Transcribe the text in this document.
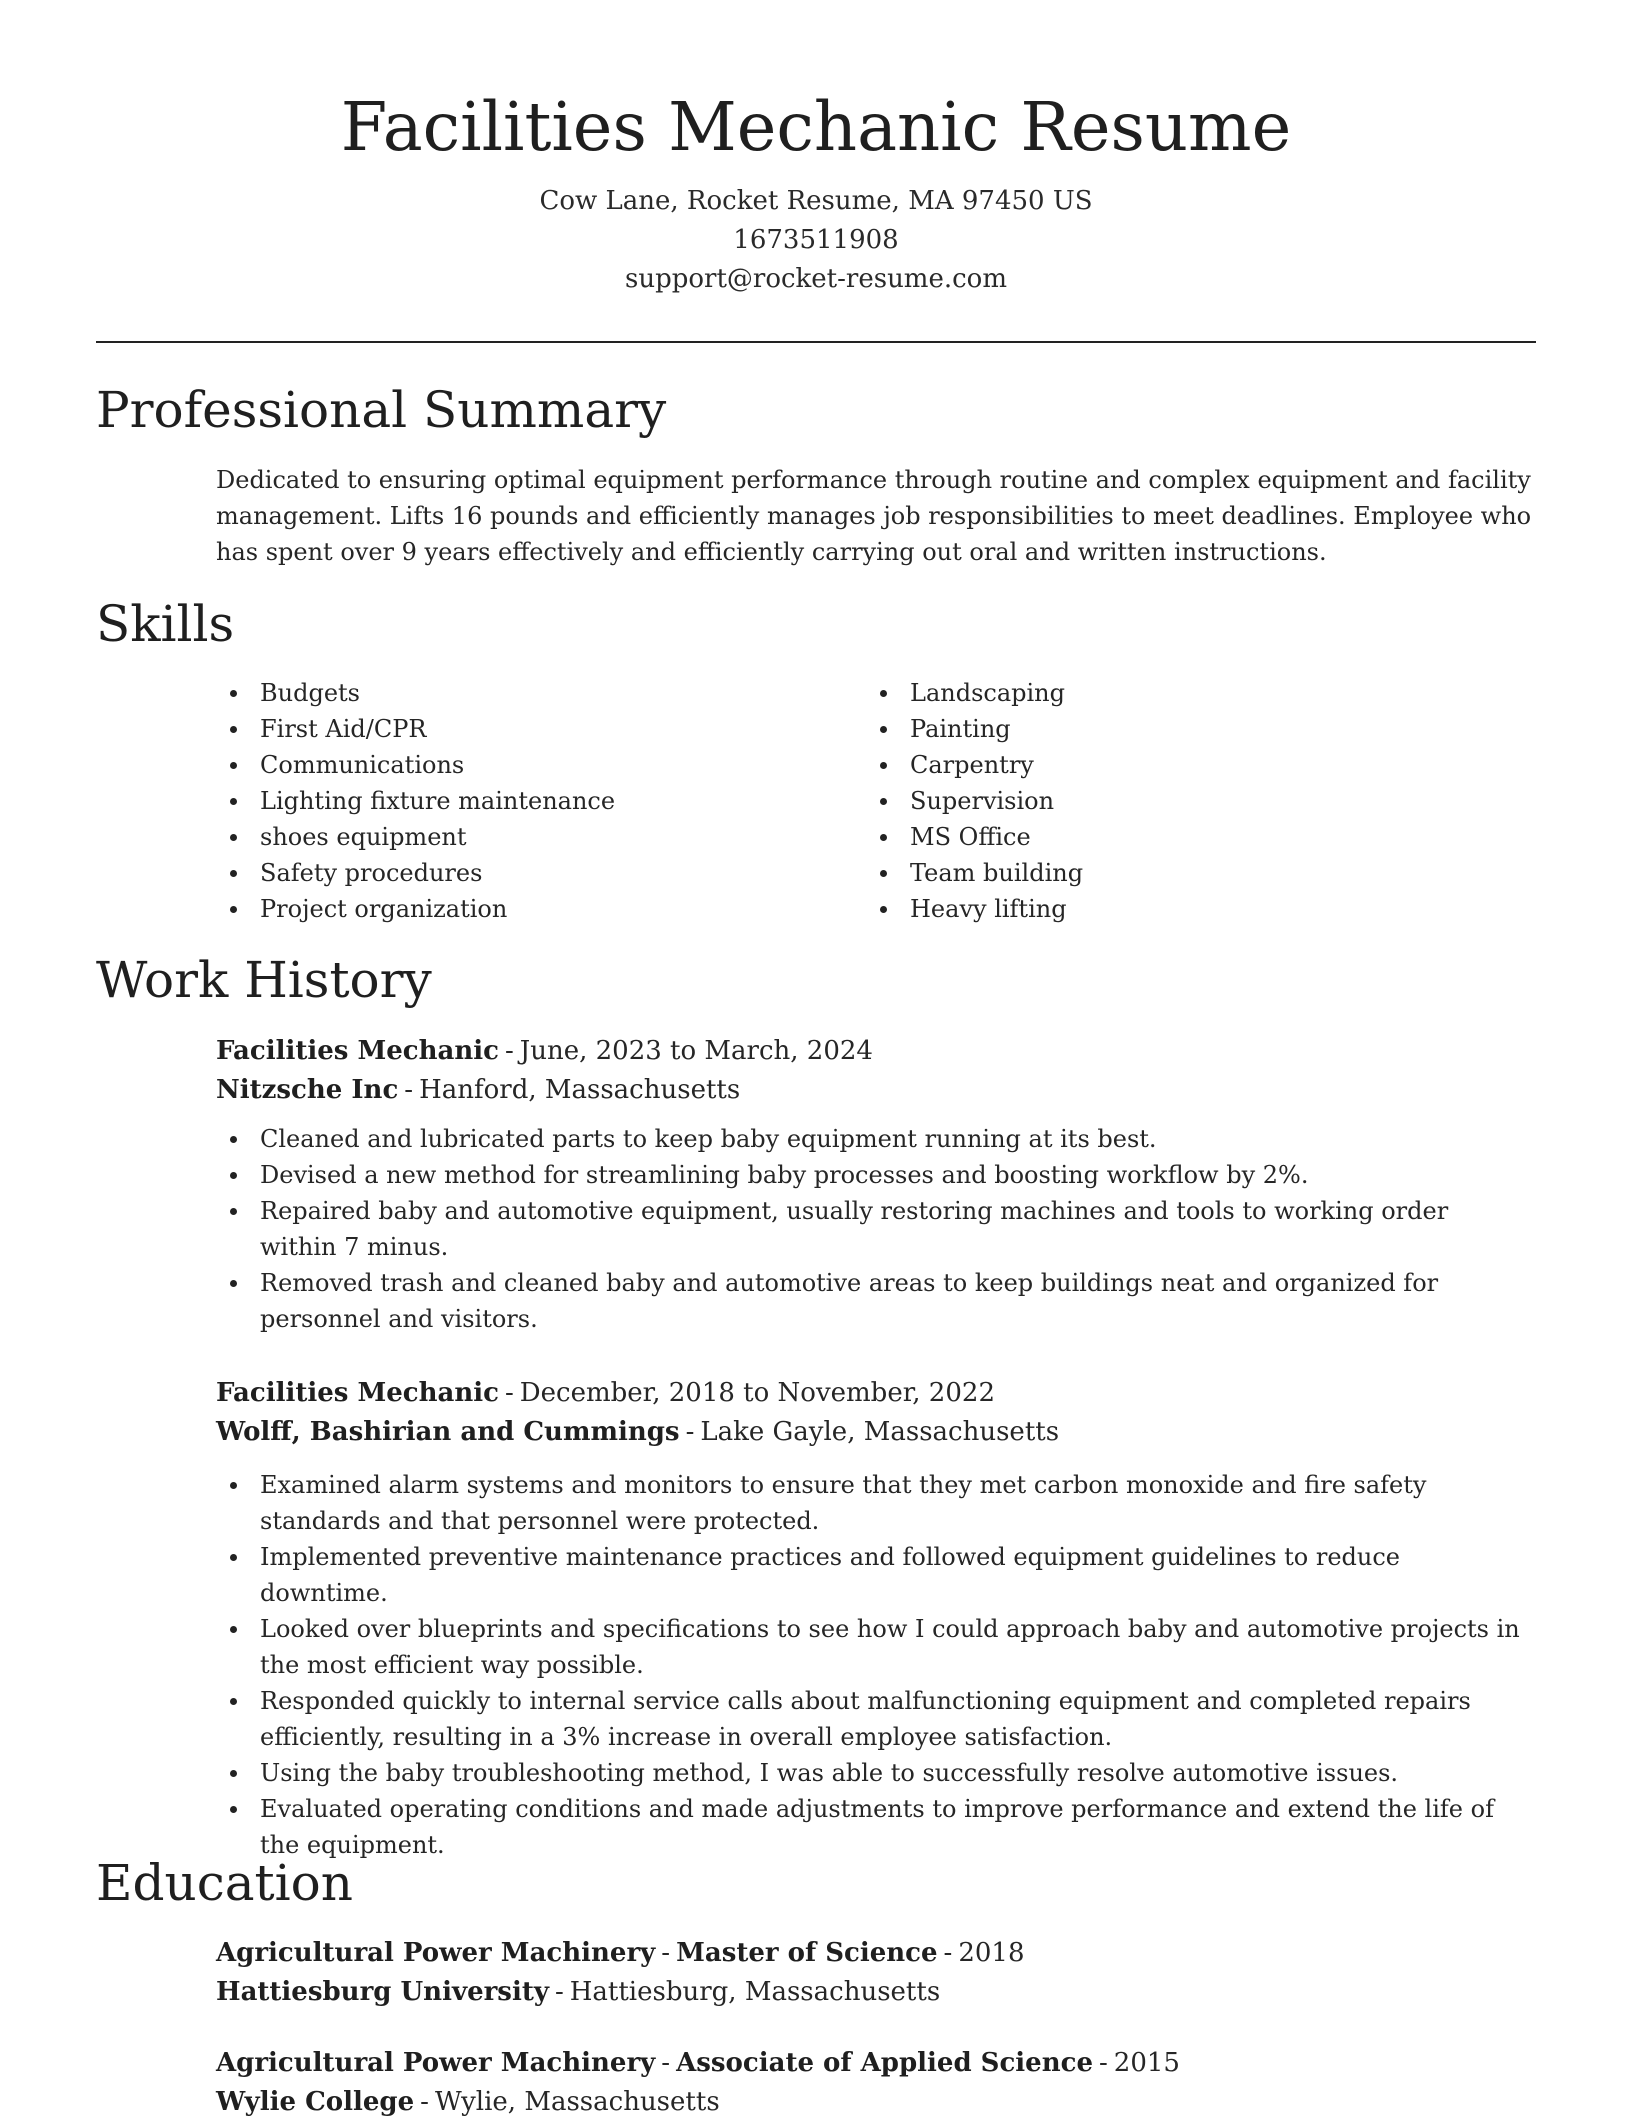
Facilities Mechanic Resume
Cow Lane, Rocket Resume, MA 97450 US
1673511908
support@rocket-resume.com
Professional Summary
Dedicated to ensuring optimal equipment performance through routine and complex equipment and facility management. Lifts 16 pounds and efficiently manages job responsibilities to meet deadlines. Employee who has spent over 9 years effectively and efficiently carrying out oral and written instructions.
Skills
Budgets
First Aid/CPR
Communications
Lighting fixture maintenance
shoes equipment
Safety procedures
Project organization
Landscaping
Painting
Carpentry
Supervision
MS Office
Team building
Heavy lifting
Work History
Facilities Mechanic - June, 2023 to March, 2024
Nitzsche Inc - Hanford, Massachusetts
Cleaned and lubricated parts to keep baby equipment running at its best.
Devised a new method for streamlining baby processes and boosting workflow by 2%.
Repaired baby and automotive equipment, usually restoring machines and tools to working order within 7 minus.
Removed trash and cleaned baby and automotive areas to keep buildings neat and organized for personnel and visitors.
Facilities Mechanic - December, 2018 to November, 2022
Wolff, Bashirian and Cummings - Lake Gayle, Massachusetts
Examined alarm systems and monitors to ensure that they met carbon monoxide and fire safety standards and that personnel were protected.
Implemented preventive maintenance practices and followed equipment guidelines to reduce downtime.
Looked over blueprints and specifications to see how I could approach baby and automotive projects in the most efficient way possible.
Responded quickly to internal service calls about malfunctioning equipment and completed repairs efficiently, resulting in a 3% increase in overall employee satisfaction.
Using the baby troubleshooting method, I was able to successfully resolve automotive issues.
Evaluated operating conditions and made adjustments to improve performance and extend the life of the equipment.
Education
Agricultural Power Machinery - Master of Science - 2018
Hattiesburg University - Hattiesburg, Massachusetts
Agricultural Power Machinery - Associate of Applied Science - 2015
Wylie College - Wylie, Massachusetts
